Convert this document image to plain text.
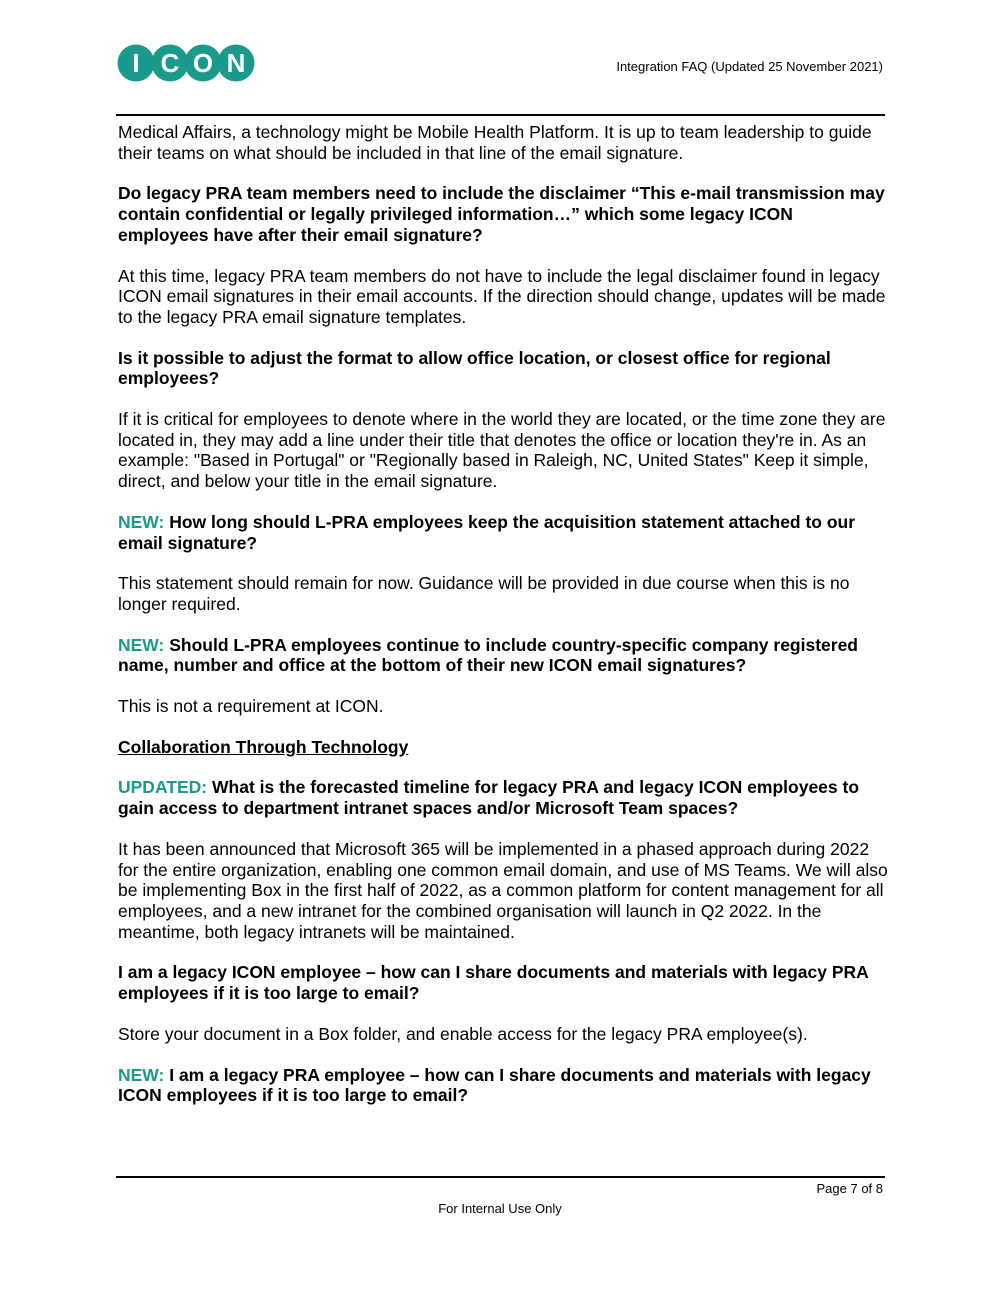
I C O N	Integration FAQ (Updated 25 November 2021)

Medical Affairs, a technology might be Mobile Health Platform. It is up to team leadership to guide their teams on what should be included in that line of the email signature.

Do legacy PRA team members need to include the disclaimer “This e-mail transmission may contain confidential or legally privileged information…” which some legacy ICON employees have after their email signature?

At this time, legacy PRA team members do not have to include the legal disclaimer found in legacy ICON email signatures in their email accounts. If the direction should change, updates will be made to the legacy PRA email signature templates.

Is it possible to adjust the format to allow office location, or closest office for regional employees?

If it is critical for employees to denote where in the world they are located, or the time zone they are located in, they may add a line under their title that denotes the office or location they're in. As an example: "Based in Portugal" or "Regionally based in Raleigh, NC, United States" Keep it simple, direct, and below your title in the email signature.

NEW: How long should L-PRA employees keep the acquisition statement attached to our email signature?

This statement should remain for now. Guidance will be provided in due course when this is no longer required.

NEW: Should L-PRA employees continue to include country-specific company registered name, number and office at the bottom of their new ICON email signatures?

This is not a requirement at ICON.

Collaboration Through Technology

UPDATED: What is the forecasted timeline for legacy PRA and legacy ICON employees to gain access to department intranet spaces and/or Microsoft Team spaces?

It has been announced that Microsoft 365 will be implemented in a phased approach during 2022 for the entire organization, enabling one common email domain, and use of MS Teams. We will also be implementing Box in the first half of 2022, as a common platform for content management for all employees, and a new intranet for the combined organisation will launch in Q2 2022. In the meantime, both legacy intranets will be maintained.

I am a legacy ICON employee – how can I share documents and materials with legacy PRA employees if it is too large to email?

Store your document in a Box folder, and enable access for the legacy PRA employee(s).

NEW: I am a legacy PRA employee – how can I share documents and materials with legacy ICON employees if it is too large to email?

Page 7 of 8
For Internal Use Only
